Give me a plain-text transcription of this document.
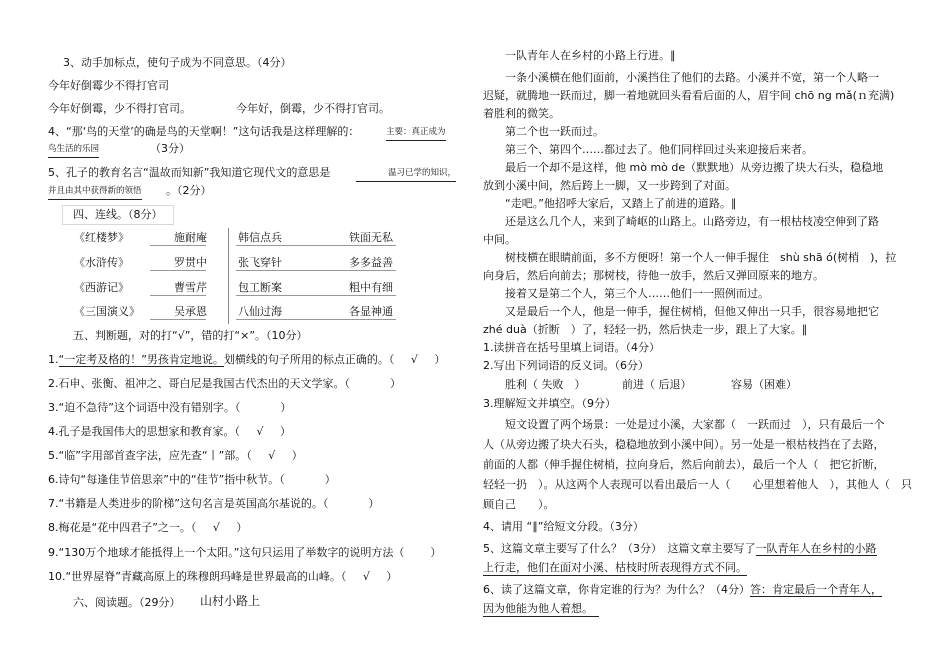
3、动手加标点，使句子成为不同意思。（4分）
今年好倒霉少不得打官司
今年好倒霉，少不得打官司。	今年好，倒霉，少不得打官司。
4、“那‘鸟的天堂’的确是鸟的天堂啊！”这句话我是这样理解的：	主要：真正成为
鸟生活的乐园	（3分）
5、孔子的教育名言“温故而知新”我知道它现代文的意思是	温习已学的知识，
并且由其中获得新的领悟 。（2分）
四、连线。（8分）
《红楼梦》	施耐庵	韩信点兵	铁面无私
《水浒传》	罗贯中	张飞穿针	多多益善
《西游记》	曹雪芹	包工断案	粗中有细
《三国演义》	吴承恩	八仙过海	各显神通
五、判断题，对的打“√”，错的打“×”。（10分）
1.“一定考及格的！”男孩肯定地说。划横线的句子所用的标点正确的。（ √ ）
2.石申、张衡、祖冲之、哥白尼是我国古代杰出的天文学家。（	）
3.“迫不急待”这个词语中没有错别字。（	）
4.孔子是我国伟大的思想家和教育家。（ √ ）
5.“临”字用部首查字法，应先查“丨”部。（ √ ）
6.诗句“每逢佳节倍思亲”中的“佳节”指中秋节。（	）
7.“书籍是人类进步的阶梯”这句名言是英国高尔基说的。（	）
8.梅花是“花中四君子”之一。（ √ ）
9.“130万个地球才能抵得上一个太阳。”这句只运用了举数字的说明方法（ ）
10.“世界屋脊”青藏高原上的珠穆朗玛峰是世界最高的山峰。（ √ ）
六、阅读题。（29分） 山村小路上
一队青年人在乡村的小路上行进。∥
一条小溪横在他们面前，小溪挡住了他们的去路。小溪并不宽，第一个人略一
迟疑，就腾地一跃而过，脚一着地就回头看看后面的人，眉宇间 chō ng mǎ(ｎ充满)
着胜利的微笑。
第二个也一跃而过。
第三个、第四个……都过去了。他们同样回过头来迎接后来者。
最后一个却不是这样，他 mò mò de（默默地）从旁边搬了块大石头，稳稳地
放到小溪中间，然后跨上一脚，又一步跨到了对面。
“走吧。”他招呼大家后，又踏上了前进的道路。∥
还是这么几个人，来到了崎岖的山路上。山路旁边，有一根枯枝凌空伸到了路
中间。
树枝横在眼睛前面，多不方便呀！第一个人一伸手握住　shù shā ó(树梢　)，拉
向身后，然后向前去；那树枝，待他一放手，然后又弹回原来的地方。
接着又是第二个人，第三个人……他们一一照例而过。
又是最后一个人，他是一伸手，握住树梢，但他又伸出一只手，很容易地把它
zhé duà（折断　）了，轻轻一扔，然后快走一步，跟上了大家。∥
1.读拼音在括号里填上词语。（4分）
2.写出下列词语的反义词。（6分）
胜利（ 失败　）	前进（ 后退）	容易（困难）
3.理解短文并填空。（9分）
短文设置了两个场景：一处是过小溪，大家都（　一跃而过　），只有最后一个
人（从旁边搬了块大石头，稳稳地放到小溪中间）。另一处是一根枯枝挡在了去路，
前面的人都（伸手握住树梢，拉向身后，然后向前去），最后一个人（　把它折断，
轻轻一扔　）。从这两个人表现可以看出最后一人（　　心里想着他人　），其他人（　只
顾自己　　）。
4、请用 “∥”给短文分段。（3分）
5、这篇文章主要写了什么？（3分）　这篇文章主要写了一队青年人在乡村的小路
上行走，他们在面对小溪、枯枝时所表现得方式不同。
6、读了这篇文章，你肯定谁的行为？为什么？（4分）答：肯定最后一个青年人，
因为他能为他人着想。
